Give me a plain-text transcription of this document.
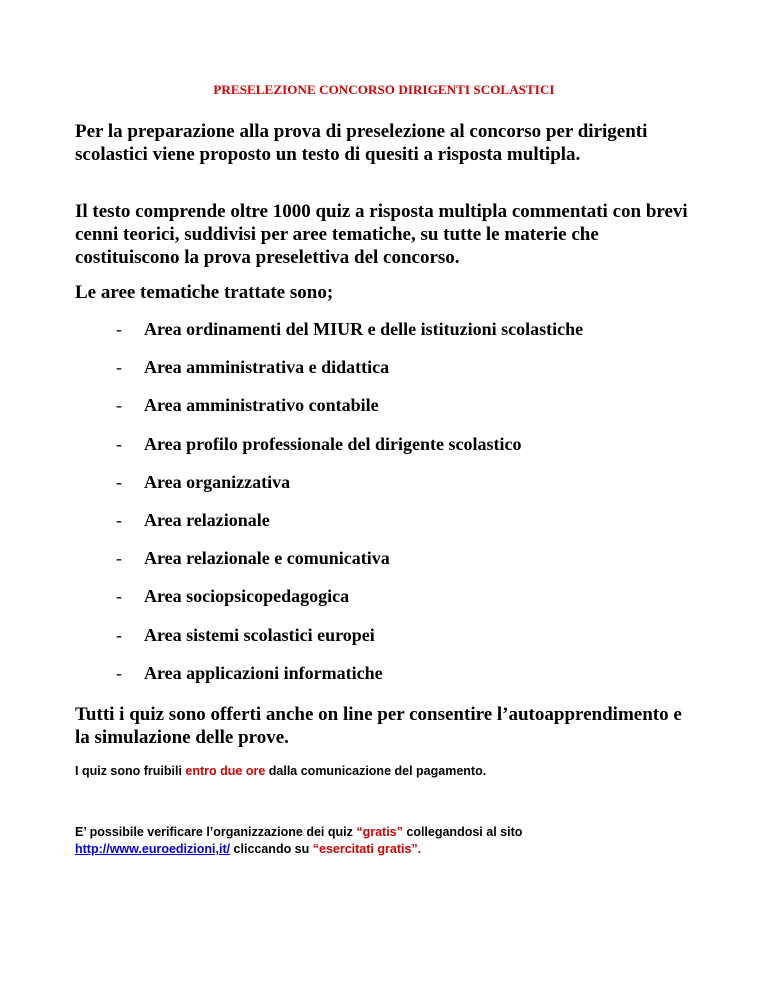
PRESELEZIONE CONCORSO DIRIGENTI SCOLASTICI

Per la preparazione alla prova di preselezione al concorso per dirigenti scolastici viene proposto un testo di quesiti a risposta multipla.

Il testo comprende oltre 1000 quiz a risposta multipla commentati con brevi cenni teorici, suddivisi per aree tematiche, su tutte le materie che costituiscono la prova preselettiva del concorso.

Le aree tematiche trattate sono;

- Area ordinamenti del MIUR e delle istituzioni scolastiche
- Area amministrativa e didattica
- Area amministrativo contabile
- Area profilo professionale del dirigente scolastico
- Area organizzativa
- Area relazionale
- Area relazionale e comunicativa
- Area sociopsicopedagogica
- Area sistemi scolastici europei
- Area applicazioni informatiche

Tutti i quiz sono offerti anche on line per consentire l’autoapprendimento e la simulazione delle prove.

I quiz sono fruibili entro due ore dalla comunicazione del pagamento.
E’ possibile verificare l’organizzazione dei quiz “gratis” collegandosi al sito
http://www.euroedizioni,it/ cliccando su “esercitati gratis”.
